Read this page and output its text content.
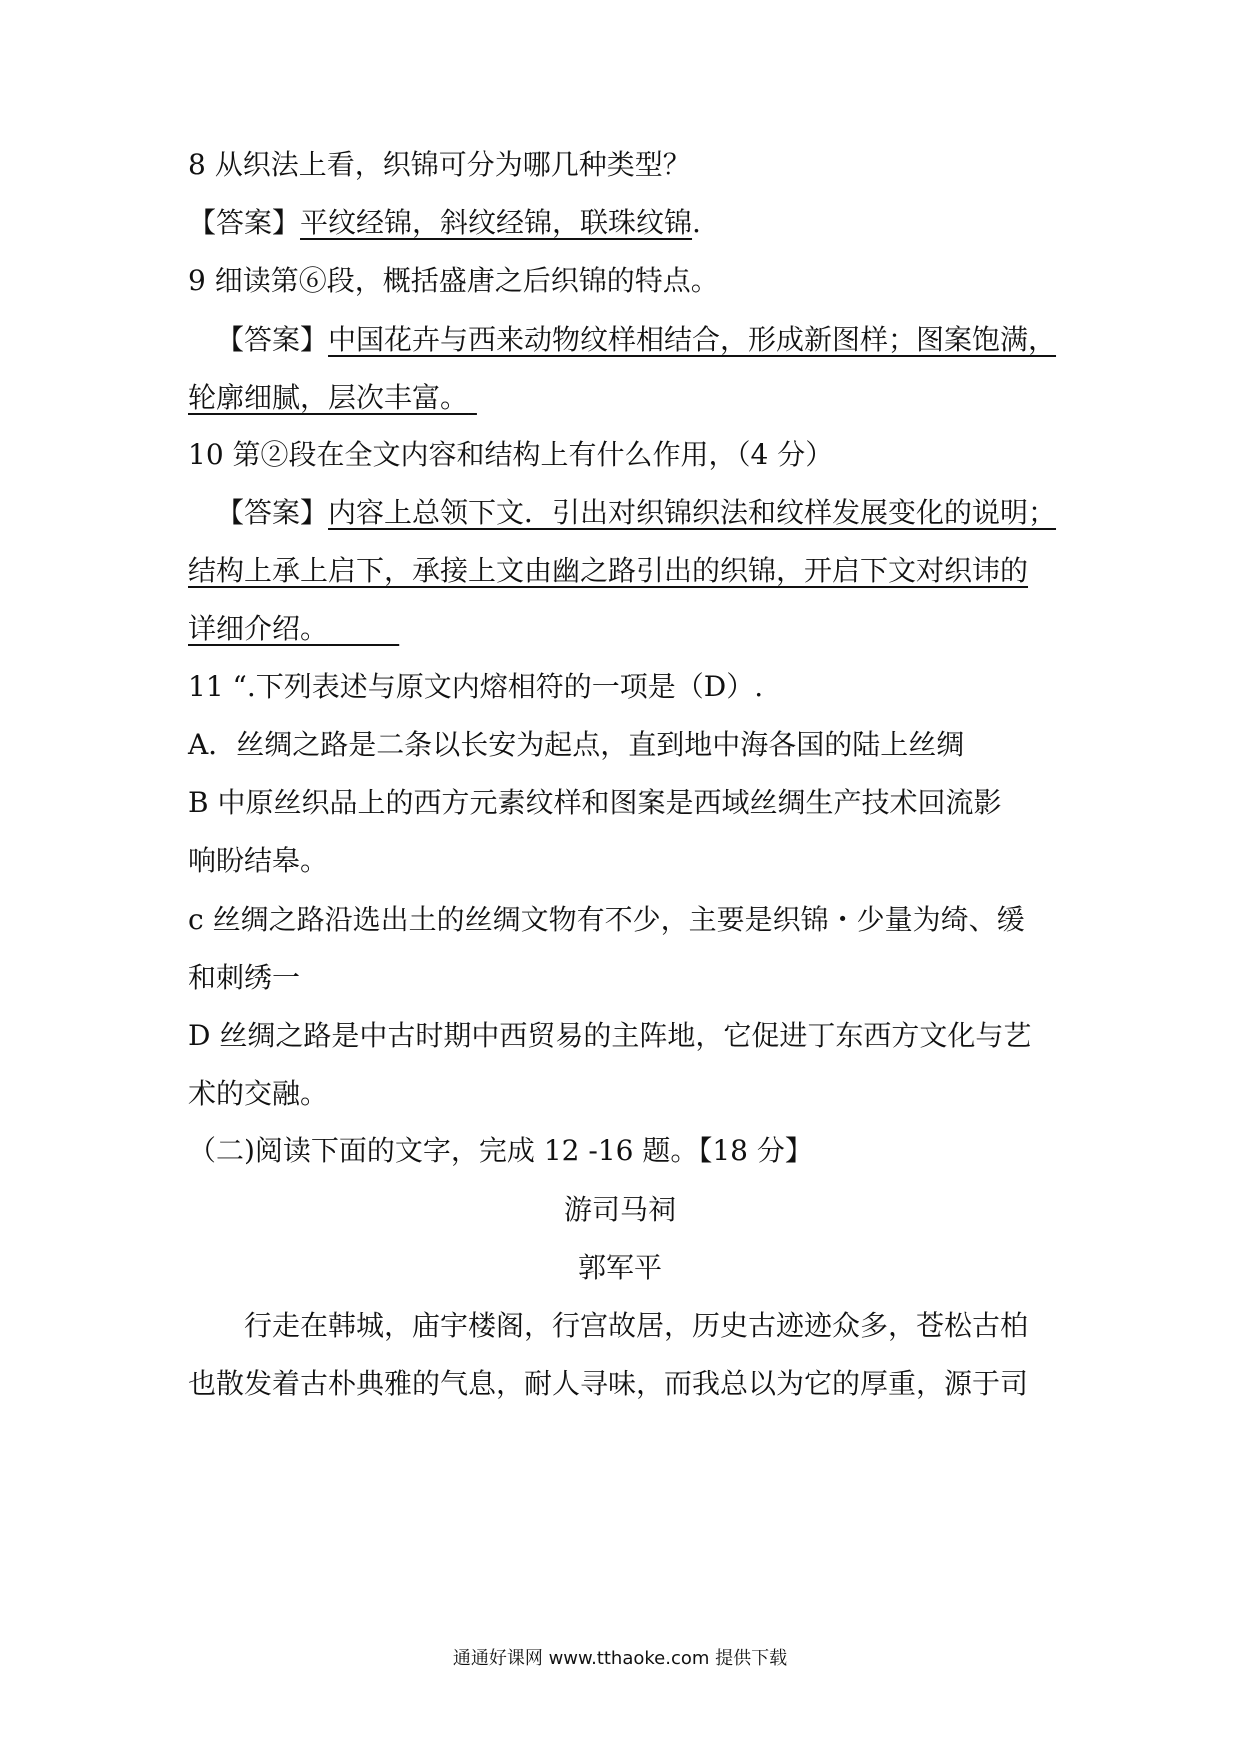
8 从织法上看，织锦可分为哪几种类型？
【答案】平纹经锦，斜纹经锦，联珠纹锦.
9 细读第⑥段，概括盛唐之后织锦的特点。
【答案】中国花卉与西来动物纹样相结合，形成新图样；图案饱满，
轮廓细腻，层次丰富。
10 第②段在全文内容和结构上有什么作用，（4 分）
【答案】内容上总领下文．引出对织锦织法和纹样发展变化的说明；
结构上承上启下，承接上文由幽之路引出的织锦，开启下文对织讳的
详细介绍。
11 “.下列表述与原文内熔相符的一项是（D）.
A．丝绸之路是二条以长安为起点，直到地中海各国的陆上丝绸
B 中原丝织品上的西方元素纹样和图案是西域丝绸生产技术回流影
响盼结皋。
c 丝绸之路沿选出土的丝绸文物有不少，主要是织锦・少量为绮、缓
和刺绣一
D 丝绸之路是中古时期中西贸易的主阵地，它促进丁东西方文化与艺
术的交融。
（二)阅读下面的文字，完成 12 -16 题。【18 分】
游司马祠
郭军平
行走在韩城，庙宇楼阁，行宫故居，历史古迹迹众多，苍松古柏
也散发着古朴典雅的气息，耐人寻味，而我总以为它的厚重，源于司
通通好课网 www.tthaoke.com 提供下载
